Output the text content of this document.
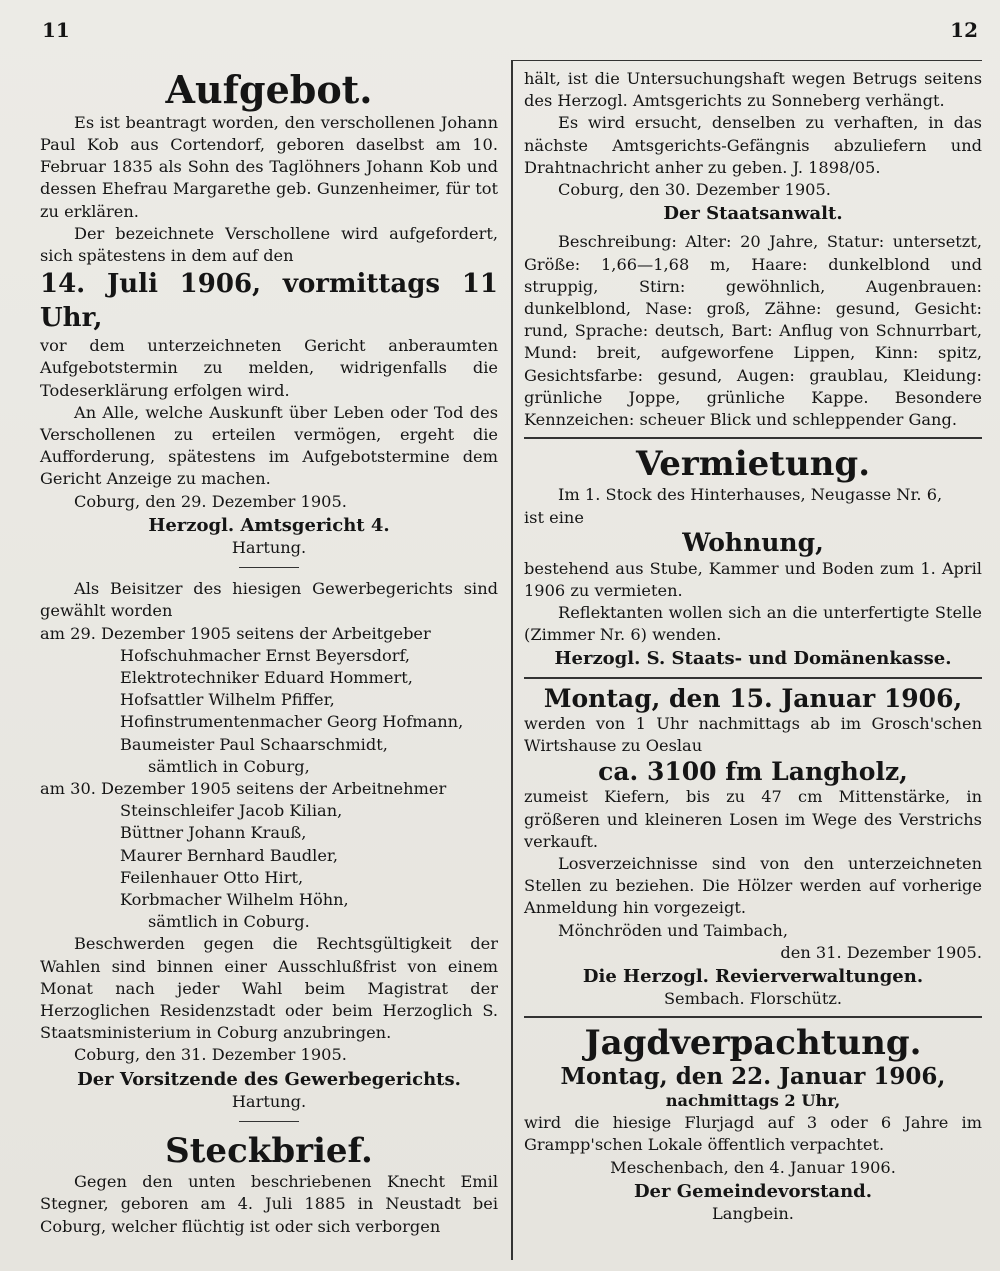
11	12

Aufgebot.

Es ist beantragt worden, den verschollenen Johann Paul Kob aus Cortendorf, geboren daselbst am 10. Februar 1835 als Sohn des Taglöhners Johann Kob und dessen Ehefrau Margarethe geb. Gunzenheimer, für tot zu erklären.

Der bezeichnete Verschollene wird aufgefordert, sich spätestens in dem auf den

14. Juli 1906, vormittags 11 Uhr,

vor dem unterzeichneten Gericht anberaumten Aufgebotstermin zu melden, widrigenfalls die Todeserklärung erfolgen wird.

An Alle, welche Auskunft über Leben oder Tod des Verschollenen zu erteilen vermögen, ergeht die Aufforderung, spätestens im Aufgebotstermine dem Gericht Anzeige zu machen.

Coburg, den 29. Dezember 1905.

Herzogl. Amtsgericht 4.

Hartung.

Als Beisitzer des hiesigen Gewerbegerichts sind gewählt worden

am 29. Dezember 1905 seitens der Arbeitgeber

Hofschuhmacher Ernst Beyersdorf,

Elektrotechniker Eduard Hommert,

Hofsattler Wilhelm Pfiffer,

Hofinstrumentenmacher Georg Hofmann,

Baumeister Paul Schaarschmidt,

sämtlich in Coburg,

am 30. Dezember 1905 seitens der Arbeitnehmer

Steinschleifer Jacob Kilian,

Büttner Johann Krauß,

Maurer Bernhard Baudler,

Feilenhauer Otto Hirt,

Korbmacher Wilhelm Höhn,

sämtlich in Coburg.

Beschwerden gegen die Rechtsgültigkeit der Wahlen sind binnen einer Ausschlußfrist von einem Monat nach jeder Wahl beim Magistrat der Herzoglichen Residenzstadt oder beim Herzoglich S. Staatsministerium in Coburg anzubringen.

Coburg, den 31. Dezember 1905.

Der Vorsitzende des Gewerbegerichts.

Hartung.

Steckbrief.

Gegen den unten beschriebenen Knecht Emil Stegner, geboren am 4. Juli 1885 in Neustadt bei Coburg, welcher flüchtig ist oder sich verborgen

hält, ist die Untersuchungshaft wegen Betrugs seitens des Herzogl. Amtsgerichts zu Sonneberg verhängt.

Es wird ersucht, denselben zu verhaften, in das nächste Amtsgerichts-Gefängnis abzuliefern und Drahtnachricht anher zu geben. J. 1898/05.

Coburg, den 30. Dezember 1905.

Der Staatsanwalt.

Beschreibung: Alter: 20 Jahre, Statur: untersetzt, Größe: 1,66—1,68 m, Haare: dunkelblond und struppig, Stirn: gewöhnlich, Augenbrauen: dunkelblond, Nase: groß, Zähne: gesund, Gesicht: rund, Sprache: deutsch, Bart: Anflug von Schnurrbart, Mund: breit, aufgeworfene Lippen, Kinn: spitz, Gesichtsfarbe: gesund, Augen: graublau, Kleidung: grünliche Joppe, grünliche Kappe. Besondere Kennzeichen: scheuer Blick und schleppender Gang.

Vermietung.

Im 1. Stock des Hinterhauses, Neugasse Nr. 6,

ist eine

Wohnung,

bestehend aus Stube, Kammer und Boden zum 1. April 1906 zu vermieten.

Reflektanten wollen sich an die unterfertigte Stelle (Zimmer Nr. 6) wenden.

Herzogl. S. Staats- und Domänenkasse.

Montag, den 15. Januar 1906,

werden von 1 Uhr nachmittags ab im Grosch'schen Wirtshause zu Oeslau

ca. 3100 fm Langholz,

zumeist Kiefern, bis zu 47 cm Mittenstärke, in größeren und kleineren Losen im Wege des Verstrichs verkauft.

Losverzeichnisse sind von den unterzeichneten Stellen zu beziehen. Die Hölzer werden auf vorherige Anmeldung hin vorgezeigt.

Mönchröden und Taimbach,

den 31. Dezember 1905.

Die Herzogl. Revierverwaltungen.

Sembach. Florschütz.

Jagdverpachtung.

Montag, den 22. Januar 1906,

nachmittags 2 Uhr,

wird die hiesige Flurjagd auf 3 oder 6 Jahre im Grampp'schen Lokale öffentlich verpachtet.

Meschenbach, den 4. Januar 1906.

Der Gemeindevorstand.

Langbein.
